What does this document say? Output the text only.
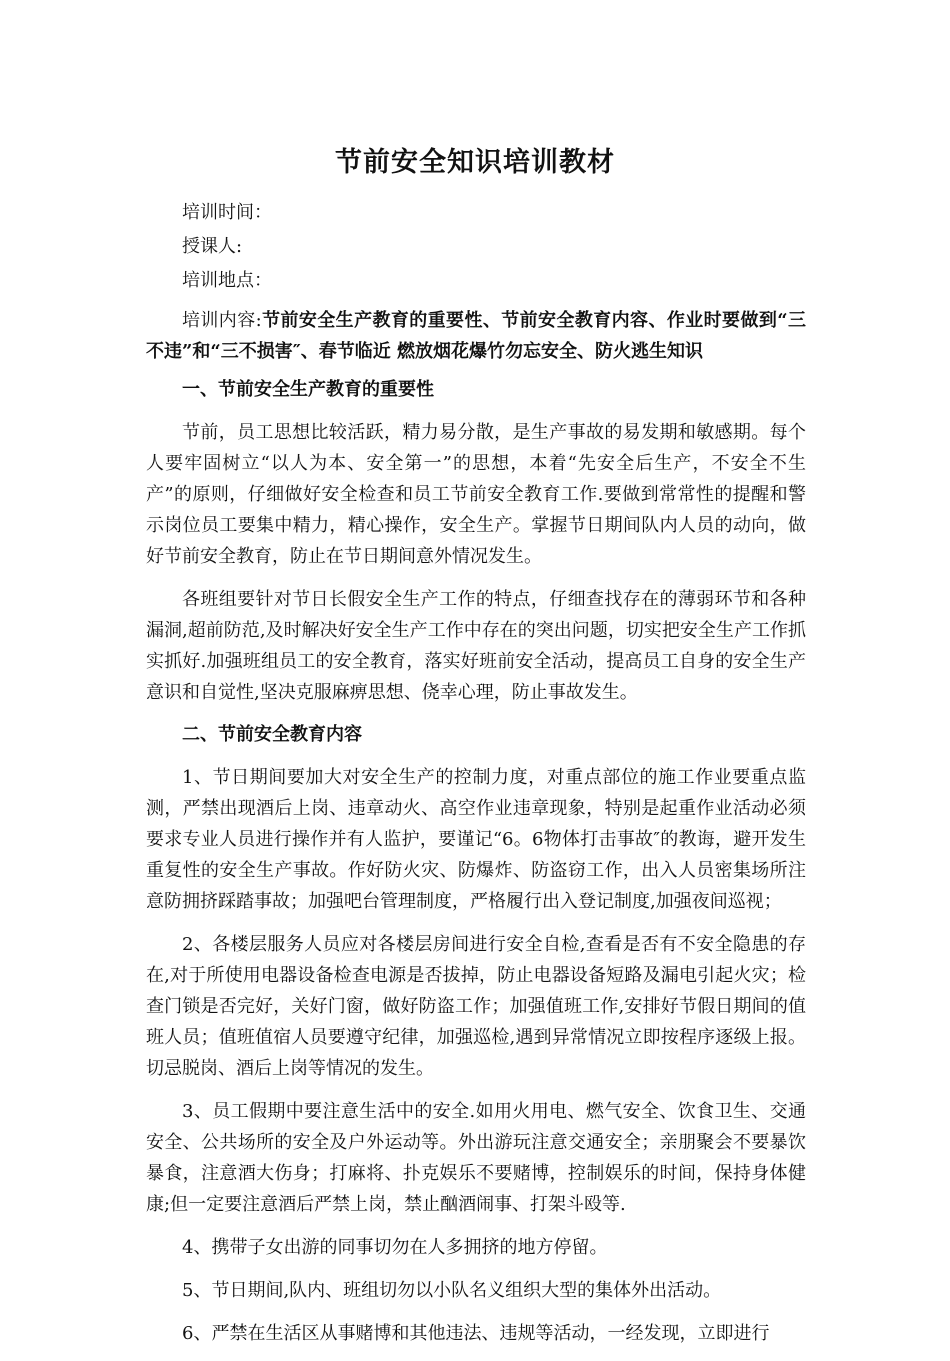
节前安全知识培训教材

培训时间：

授课人:

培训地点：

培训内容:节前安全生产教育的重要性、节前安全教育内容、作业时要做到“三不违”和“三不损害″、春节临近 燃放烟花爆竹勿忘安全、防火逃生知识

一、节前安全生产教育的重要性

节前，员工思想比较活跃，精力易分散，是生产事故的易发期和敏感期。每个人要牢固树立“以人为本、安全第一”的思想，本着“先安全后生产，不安全不生产”的原则，仔细做好安全检查和员工节前安全教育工作.要做到常常性的提醒和警示岗位员工要集中精力，精心操作，安全生产。掌握节日期间队内人员的动向，做好节前安全教育，防止在节日期间意外情况发生。

各班组要针对节日长假安全生产工作的特点，仔细查找存在的薄弱环节和各种漏洞,超前防范,及时解决好安全生产工作中存在的突出问题，切实把安全生产工作抓实抓好.加强班组员工的安全教育，落实好班前安全活动，提高员工自身的安全生产意识和自觉性,坚决克服麻痹思想、侥幸心理，防止事故发生。

二、节前安全教育内容

1、节日期间要加大对安全生产的控制力度，对重点部位的施工作业要重点监测，严禁出现酒后上岗、违章动火、高空作业违章现象，特别是起重作业活动必须要求专业人员进行操作并有人监护，要谨记“6。6物体打击事故″的教诲，避开发生重复性的安全生产事故。作好防火灾、防爆炸、防盗窃工作，出入人员密集场所注意防拥挤踩踏事故；加强吧台管理制度，严格履行出入登记制度,加强夜间巡视；

2、各楼层服务人员应对各楼层房间进行安全自检,查看是否有不安全隐患的存在,对于所使用电器设备检查电源是否拔掉，防止电器设备短路及漏电引起火灾；检查门锁是否完好，关好门窗，做好防盗工作；加强值班工作,安排好节假日期间的值班人员；值班值宿人员要遵守纪律，加强巡检,遇到异常情况立即按程序逐级上报。切忌脱岗、酒后上岗等情况的发生。

3、员工假期中要注意生活中的安全.如用火用电、燃气安全、饮食卫生、交通安全、公共场所的安全及户外运动等。外出游玩注意交通安全；亲朋聚会不要暴饮暴食，注意酒大伤身；打麻将、扑克娱乐不要赌博，控制娱乐的时间，保持身体健康;但一定要注意酒后严禁上岗，禁止酗酒闹事、打架斗殴等.

4、携带子女出游的同事切勿在人多拥挤的地方停留。

5、节日期间,队内、班组切勿以小队名义组织大型的集体外出活动。

6、严禁在生活区从事赌博和其他违法、违规等活动，一经发现，立即进行
